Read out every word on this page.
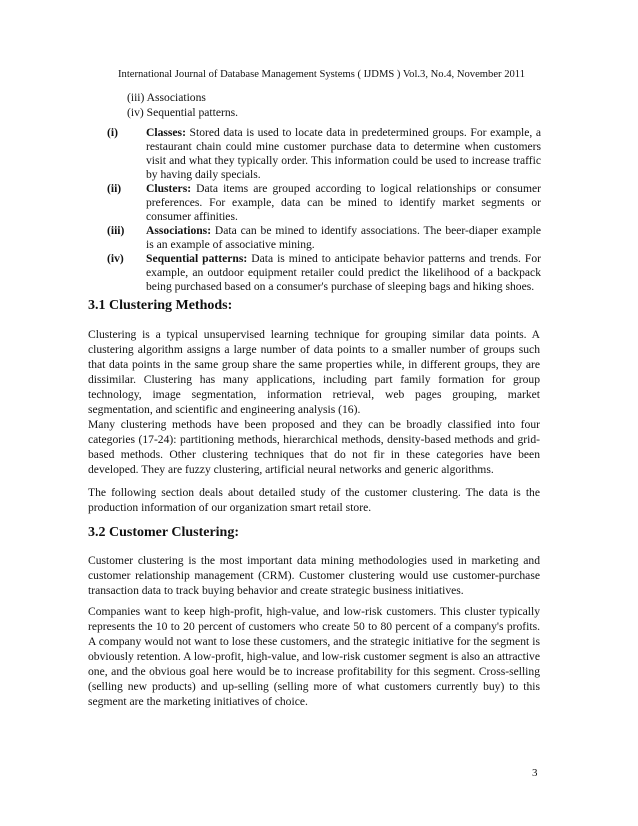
International Journal of Database Management Systems ( IJDMS ) Vol.3, No.4, November 2011
(iii) Associations
(iv) Sequential patterns.
(i)	Classes: Stored data is used to locate data in predetermined groups. For example, a restaurant chain could mine customer purchase data to determine when customers visit and what they typically order. This information could be used to increase traffic by having daily specials.
(ii)	Clusters: Data items are grouped according to logical relationships or consumer preferences. For example, data can be mined to identify market segments or consumer affinities.
(iii)	Associations: Data can be mined to identify associations. The beer-diaper example is an example of associative mining.
(iv)	Sequential patterns: Data is mined to anticipate behavior patterns and trends. For example, an outdoor equipment retailer could predict the likelihood of a backpack being purchased based on a consumer's purchase of sleeping bags and hiking shoes.
3.1 Clustering Methods:

Clustering is a typical unsupervised learning technique for grouping similar data points. A clustering algorithm assigns a large number of data points to a smaller number of groups such that data points in the same group share the same properties while, in different groups, they are dissimilar. Clustering has many applications, including part family formation for group technology, image segmentation, information retrieval, web pages grouping, market segmentation, and scientific and engineering analysis (16).

Many clustering methods have been proposed and they can be broadly classified into four categories (17-24): partitioning methods, hierarchical methods, density-based methods and grid-based methods. Other clustering techniques that do not fir in these categories have been developed. They are fuzzy clustering, artificial neural networks and generic algorithms.

The following section deals about detailed study of the customer clustering. The data is the production information of our organization smart retail store.

3.2 Customer Clustering:

Customer clustering is the most important data mining methodologies used in marketing and customer relationship management (CRM). Customer clustering would use customer-purchase transaction data to track buying behavior and create strategic business initiatives.

Companies want to keep high-profit, high-value, and low-risk customers. This cluster typically represents the 10 to 20 percent of customers who create 50 to 80 percent of a company's profits. A company would not want to lose these customers, and the strategic initiative for the segment is obviously retention. A low-profit, high-value, and low-risk customer segment is also an attractive one, and the obvious goal here would be to increase profitability for this segment. Cross-selling (selling new products) and up-selling (selling more of what customers currently buy) to this segment are the marketing initiatives of choice.

3
